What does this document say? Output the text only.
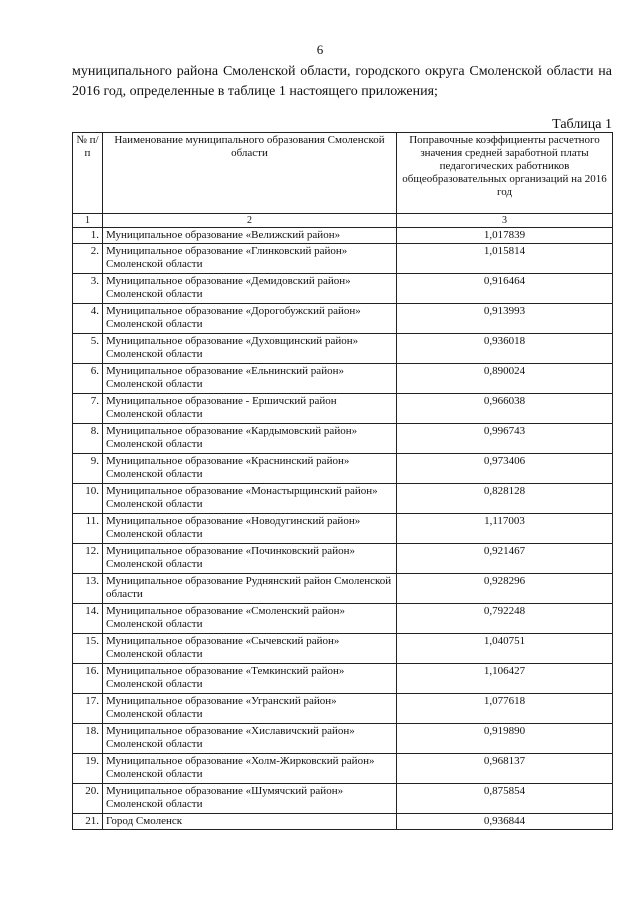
6
муниципального района Смоленской области, городского округа Смоленской области на 2016 год, определенные в таблице 1 настоящего приложения;
Таблица 1
№ п/п	Наименование муниципального образования Смоленской области	Поправочные коэффициенты расчетного значения средней заработной платы педагогических работников общеобразовательных организаций на 2016 год
1	2	3
1.	Муниципальное образование «Велижский район»	1,017839
2.	Муниципальное образование «Глинковский район» Смоленской области	1,015814
3.	Муниципальное образование «Демидовский район» Смоленской области	0,916464
4.	Муниципальное образование «Дорогобужский район» Смоленской области	0,913993
5.	Муниципальное образование «Духовщинский район» Смоленской области	0,936018
6.	Муниципальное образование «Ельнинский район» Смоленской области	0,890024
7.	Муниципальное образование - Ершичский район Смоленской области	0,966038
8.	Муниципальное образование «Кардымовский район» Смоленской области	0,996743
9.	Муниципальное образование «Краснинский район» Смоленской области	0,973406
10.	Муниципальное образование «Монастырщинский район» Смоленской области	0,828128
11.	Муниципальное образование «Новодугинский район» Смоленской области	1,117003
12.	Муниципальное образование «Починковский район» Смоленской области	0,921467
13.	Муниципальное образование Руднянский район Смоленской области	0,928296
14.	Муниципальное образование «Смоленский район» Смоленской области	0,792248
15.	Муниципальное образование «Сычевский район» Смоленской области	1,040751
16.	Муниципальное образование «Темкинский район» Смоленской области	1,106427
17.	Муниципальное образование «Угранский район» Смоленской области	1,077618
18.	Муниципальное образование «Хиславичский район» Смоленской области	0,919890
19.	Муниципальное образование «Холм-Жирковский район» Смоленской области	0,968137
20.	Муниципальное образование «Шумячский район» Смоленской области	0,875854
21.	Город Смоленск	0,936844
